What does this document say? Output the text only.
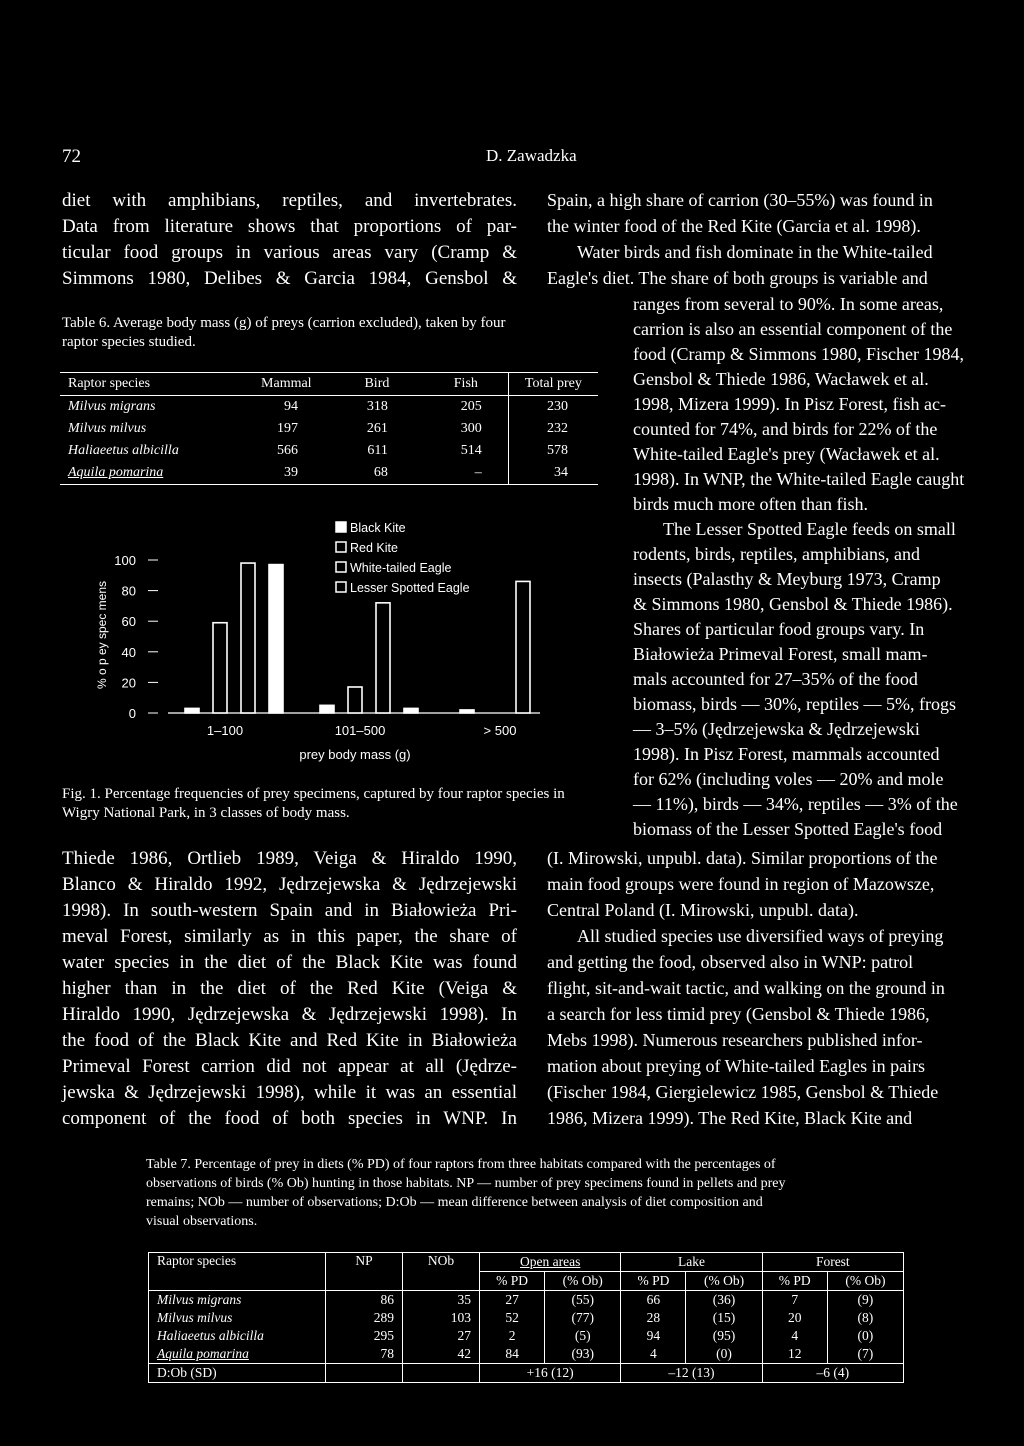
72	D. Zawadzka
diet with amphibians, reptiles, and invertebrates.
Data from literature shows that proportions of par-
ticular food groups in various areas vary (Cramp &
Simmons 1980, Delibes & Garcia 1984, Gensbol &
Spain, a high share of carrion (30–55%) was found in
the winter food of the Red Kite (Garcia et al. 1998).
Water birds and fish dominate in the White-tailed
Eagle's diet. The share of both groups is variable and
ranges from several to 90%. In some areas,
carrion is also an essential component of the
food (Cramp & Simmons 1980, Fischer 1984,
Gensbol & Thiede 1986, Wacławek et al.
1998, Mizera 1999). In Pisz Forest, fish ac-
counted for 74%, and birds for 22% of the
White-tailed Eagle's prey (Wacławek et al.
1998). In WNP, the White-tailed Eagle caught
birds much more often than fish.
The Lesser Spotted Eagle feeds on small
rodents, birds, reptiles, amphibians, and
insects (Palasthy & Meyburg 1973, Cramp
& Simmons 1980, Gensbol & Thiede 1986).
Shares of particular food groups vary. In
Białowieża Primeval Forest, small mam-
mals accounted for 27–35% of the food
biomass, birds — 30%, reptiles — 5%, frogs
— 3–5% (Jędrzejewska & Jędrzejewski
1998). In Pisz Forest, mammals accounted
for 62% (including voles — 20% and mole
— 11%), birds — 34%, reptiles — 3% of the
biomass of the Lesser Spotted Eagle's food
Table 6. Average body mass (g) of preys (carrion excluded), taken by four
raptor species studied.
Raptor species	Mammal	Bird	Fish	Total prey
Milvus migrans	94	318	205	230
Milvus milvus	197	261	300	232
Haliaeetus albicilla	566	611	514	578
Aquila pomarina	39	68	–	34
% o p ey spec mens
0
20
40
60
80
100
1–100	101–500	> 500
prey body mass (g)
Black Kite
Red Kite
White-tailed Eagle
Lesser Spotted Eagle
Fig. 1. Percentage frequencies of prey specimens, captured by four raptor species in
Wigry National Park, in 3 classes of body mass.
Thiede 1986, Ortlieb 1989, Veiga & Hiraldo 1990,
Blanco & Hiraldo 1992, Jędrzejewska & Jędrzejewski
1998). In south-western Spain and in Białowieża Pri-
meval Forest, similarly as in this paper, the share of
water species in the diet of the Black Kite was found
higher than in the diet of the Red Kite (Veiga &
Hiraldo 1990, Jędrzejewska & Jędrzejewski 1998). In
the food of the Black Kite and Red Kite in Białowieża
Primeval Forest carrion did not appear at all (Jędrze-
jewska & Jędrzejewski 1998), while it was an essential
component of the food of both species in WNP. In
(I. Mirowski, unpubl. data). Similar proportions of the
main food groups were found in region of Mazowsze,
Central Poland (I. Mirowski, unpubl. data).
All studied species use diversified ways of preying
and getting the food, observed also in WNP: patrol
flight, sit-and-wait tactic, and walking on the ground in
a search for less timid prey (Gensbol & Thiede 1986,
Mebs 1998). Numerous researchers published infor-
mation about preying of White-tailed Eagles in pairs
(Fischer 1984, Giergielewicz 1985, Gensbol & Thiede
1986, Mizera 1999). The Red Kite, Black Kite and
Table 7. Percentage of prey in diets (% PD) of four raptors from three habitats compared with the percentages of
observations of birds (% Ob) hunting in those habitats. NP — number of prey specimens found in pellets and prey
remains; NOb — number of observations; D:Ob — mean difference between analysis of diet composition and
visual observations.
Raptor species	NP	NOb	Open areas		Lake		Forest	
			% PD	(% Ob)	% PD	(% Ob)	% PD	(% Ob)
Milvus migrans	86	35	27	(55)	66	(36)	7	(9)
Milvus milvus	289	103	52	(77)	28	(15)	20	(8)
Haliaeetus albicilla	295	27	2	(5)	94	(95)	4	(0)
Aquila pomarina	78	42	84	(93)	4	(0)	12	(7)
D:Ob (SD)			+16 (12)		–12 (13)		–6 (4)	
